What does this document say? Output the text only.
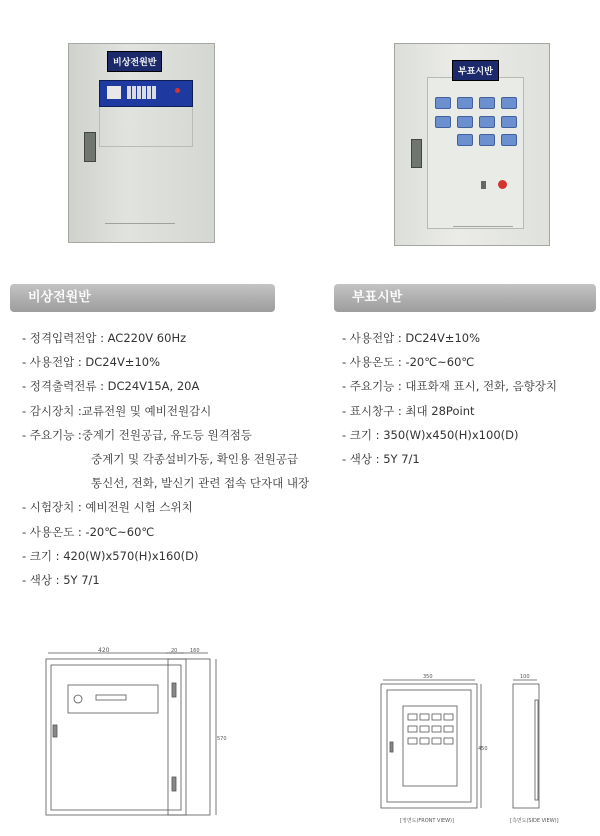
비상전원반
부표시반
비상전원반	부표시반
- 정격입력전압 : AC220V 60Hz
- 사용전압 : DC24V±10%
- 정격출력전류 : DC24V15A, 20A
- 감시장치 :교류전원 및 예비전원감시
- 주요기능 :중계기 전원공급, 유도등 원격점등
중계기 및 각종설비가동, 확인용 전원공급
통신선, 전화, 발신기 관련 접속 단자대 내장
- 시험장치 : 예비전원 시험 스위치
- 사용온도 : -20℃~60℃
- 크기 : 420(W)x570(H)x160(D)
- 색상 : 5Y 7/1
- 사용전압 : DC24V±10%
- 사용온도 : -20℃~60℃
- 주요기능 : 대표화재 표시, 전화, 음향장치
- 표시창구 : 최대 28Point
- 크기 : 350(W)x450(H)x100(D)
- 색상 : 5Y 7/1
420	20	160
570
350
450
[정면도(FRONT VIEW)]
100
[측면도(SIDE VIEW)]
